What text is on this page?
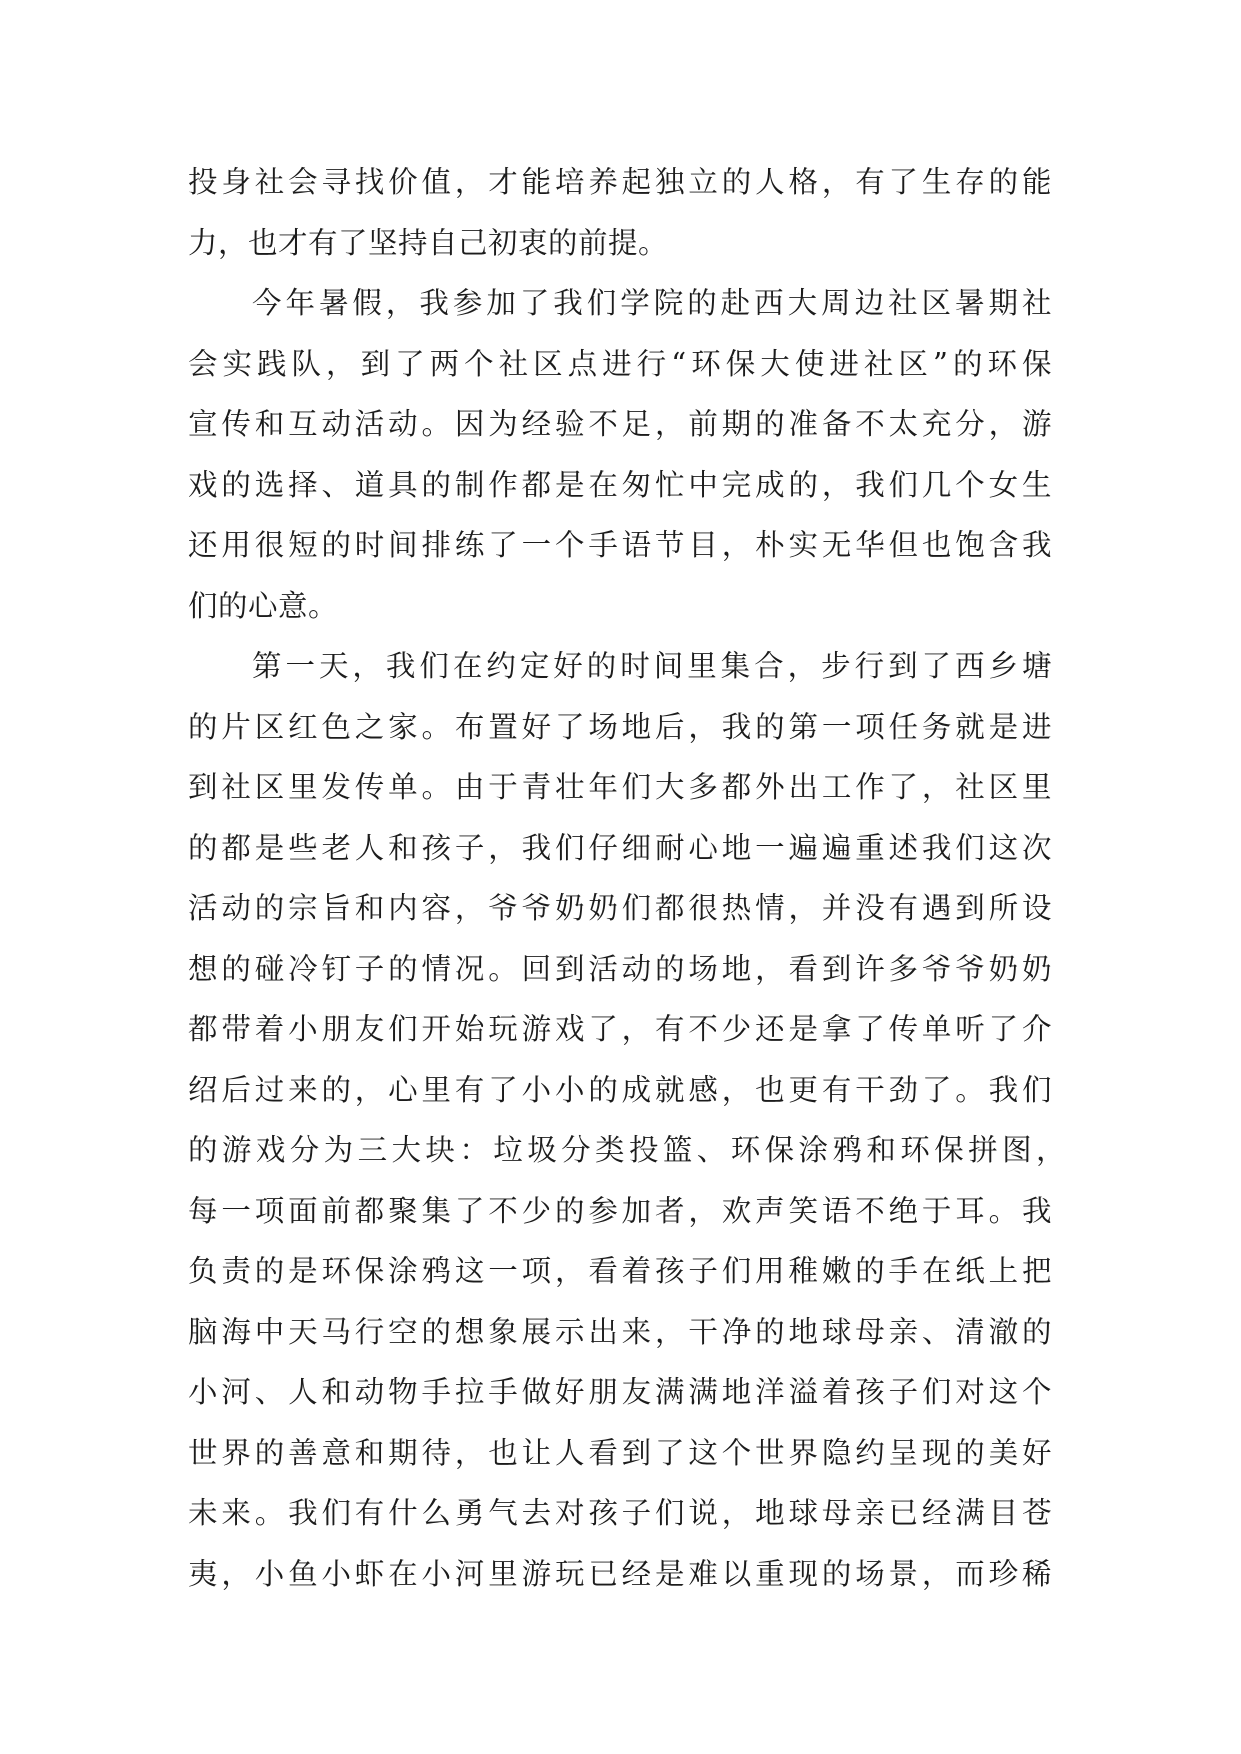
投身社会寻找价值，才能培养起独立的人格，有了生存的能
力，也才有了坚持自己初衷的前提。
今年暑假，我参加了我们学院的赴西大周边社区暑期社
会实践队，到了两个社区点进行“环保大使进社区”的环保
宣传和互动活动。因为经验不足，前期的准备不太充分，游
戏的选择、道具的制作都是在匆忙中完成的，我们几个女生
还用很短的时间排练了一个手语节目，朴实无华但也饱含我
们的心意。
第一天，我们在约定好的时间里集合，步行到了西乡塘
的片区红色之家。布置好了场地后，我的第一项任务就是进
到社区里发传单。由于青壮年们大多都外出工作了，社区里
的都是些老人和孩子，我们仔细耐心地一遍遍重述我们这次
活动的宗旨和内容，爷爷奶奶们都很热情，并没有遇到所设
想的碰冷钉子的情况。回到活动的场地，看到许多爷爷奶奶
都带着小朋友们开始玩游戏了，有不少还是拿了传单听了介
绍后过来的，心里有了小小的成就感，也更有干劲了。我们
的游戏分为三大块：垃圾分类投篮、环保涂鸦和环保拼图，
每一项面前都聚集了不少的参加者，欢声笑语不绝于耳。我
负责的是环保涂鸦这一项，看着孩子们用稚嫩的手在纸上把
脑海中天马行空的想象展示出来，干净的地球母亲、清澈的
小河、人和动物手拉手做好朋友满满地洋溢着孩子们对这个
世界的善意和期待，也让人看到了这个世界隐约呈现的美好
未来。我们有什么勇气去对孩子们说，地球母亲已经满目苍
夷，小鱼小虾在小河里游玩已经是难以重现的场景，而珍稀
